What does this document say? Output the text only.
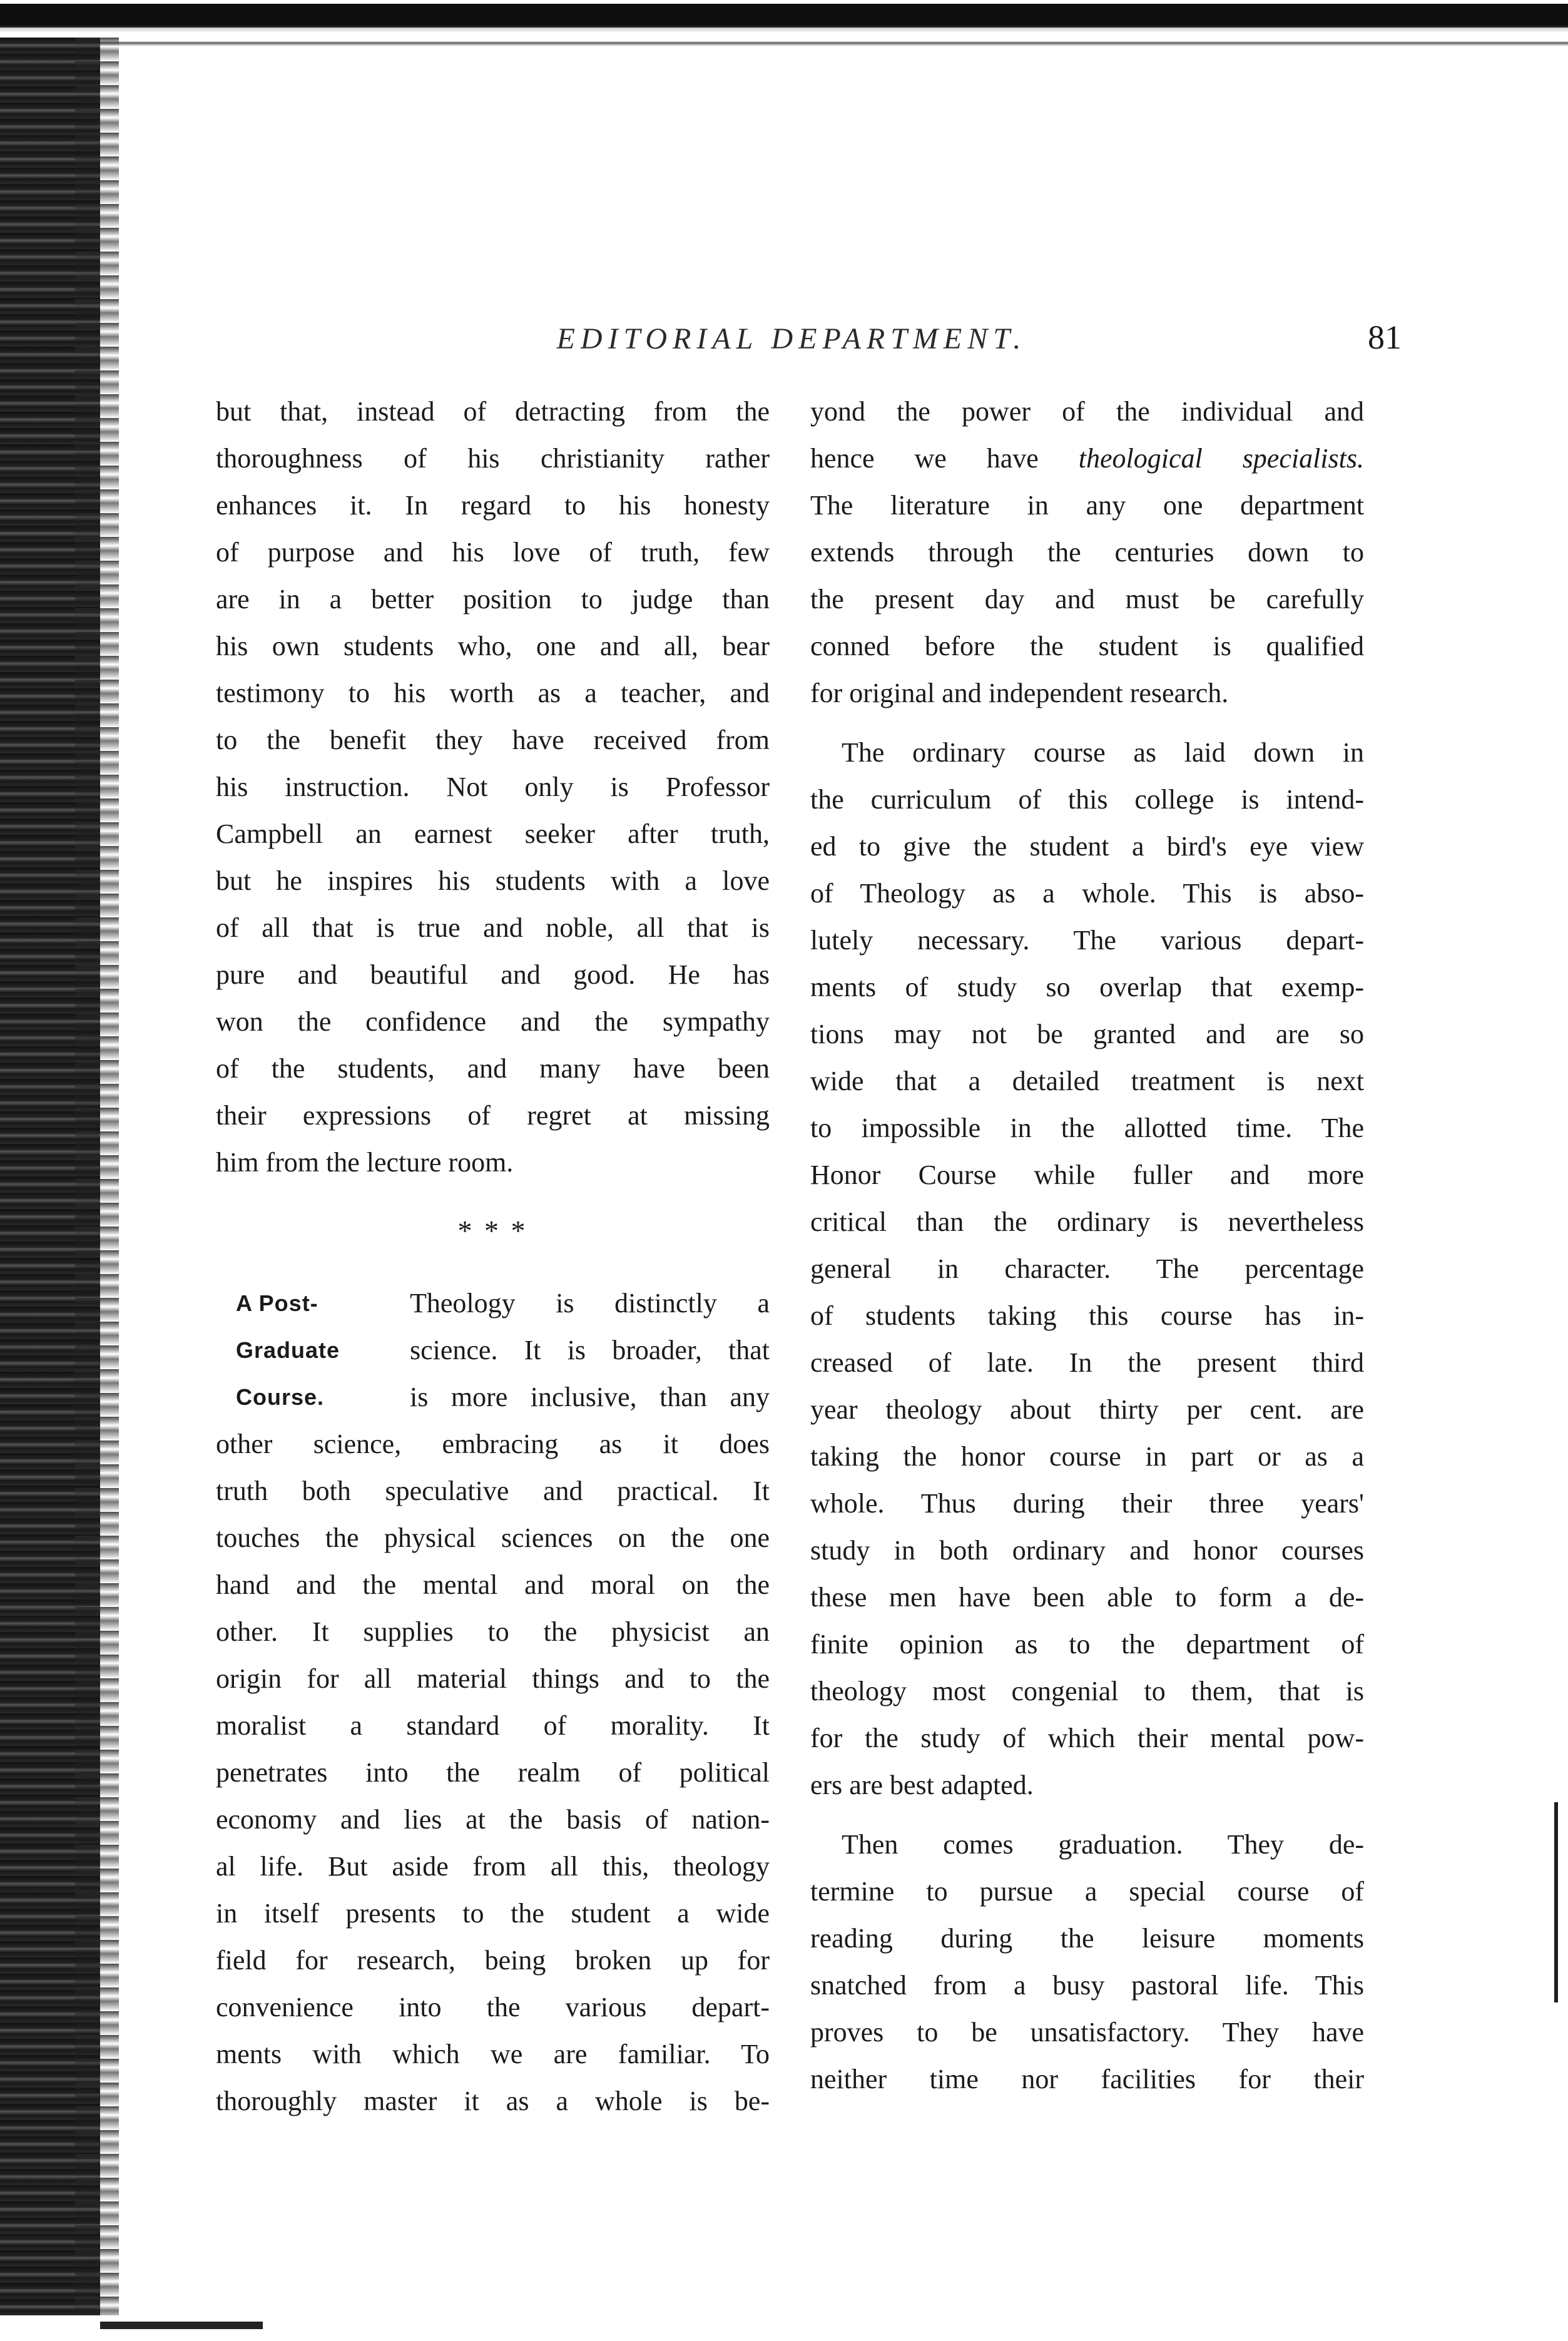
EDITORIAL DEPARTMENT.	81
but that, instead of detracting from the
thoroughness of his christianity rather
enhances it. In regard to his honesty
of purpose and his love of truth, few
are in a better position to judge than
his own students who, one and all, bear
testimony to his worth as a teacher, and
to the benefit they have received from
his instruction. Not only is Professor
Campbell an earnest seeker after truth,
but he inspires his students with a love
of all that is true and noble, all that is
pure and beautiful and good. He has
won the confidence and the sympathy
of the students, and many have been
their expressions of regret at missing
him from the lecture room.
* * *
A Post-	Theology is distinctly a
Graduate	science. It is broader, that
Course.	is more inclusive, than any
other science, embracing as it does
truth both speculative and practical. It
touches the physical sciences on the one
hand and the mental and moral on the
other. It supplies to the physicist an
origin for all material things and to the
moralist a standard of morality. It
penetrates into the realm of political
economy and lies at the basis of nation-
al life. But aside from all this, theology
in itself presents to the student a wide
field for research, being broken up for
convenience into the various depart-
ments with which we are familiar. To
thoroughly master it as a whole is be-
yond the power of the individual and
hence we have theological specialists.
The literature in any one department
extends through the centuries down to
the present day and must be carefully
conned before the student is qualified
for original and independent research.
The ordinary course as laid down in
the curriculum of this college is intend-
ed to give the student a bird's eye view
of Theology as a whole. This is abso-
lutely necessary. The various depart-
ments of study so overlap that exemp-
tions may not be granted and are so
wide that a detailed treatment is next
to impossible in the allotted time. The
Honor Course while fuller and more
critical than the ordinary is nevertheless
general in character. The percentage
of students taking this course has in-
creased of late. In the present third
year theology about thirty per cent. are
taking the honor course in part or as a
whole. Thus during their three years'
study in both ordinary and honor courses
these men have been able to form a de-
finite opinion as to the department of
theology most congenial to them, that is
for the study of which their mental pow-
ers are best adapted.
Then comes graduation. They de-
termine to pursue a special course of
reading during the leisure moments
snatched from a busy pastoral life. This
proves to be unsatisfactory. They have
neither time nor facilities for their
